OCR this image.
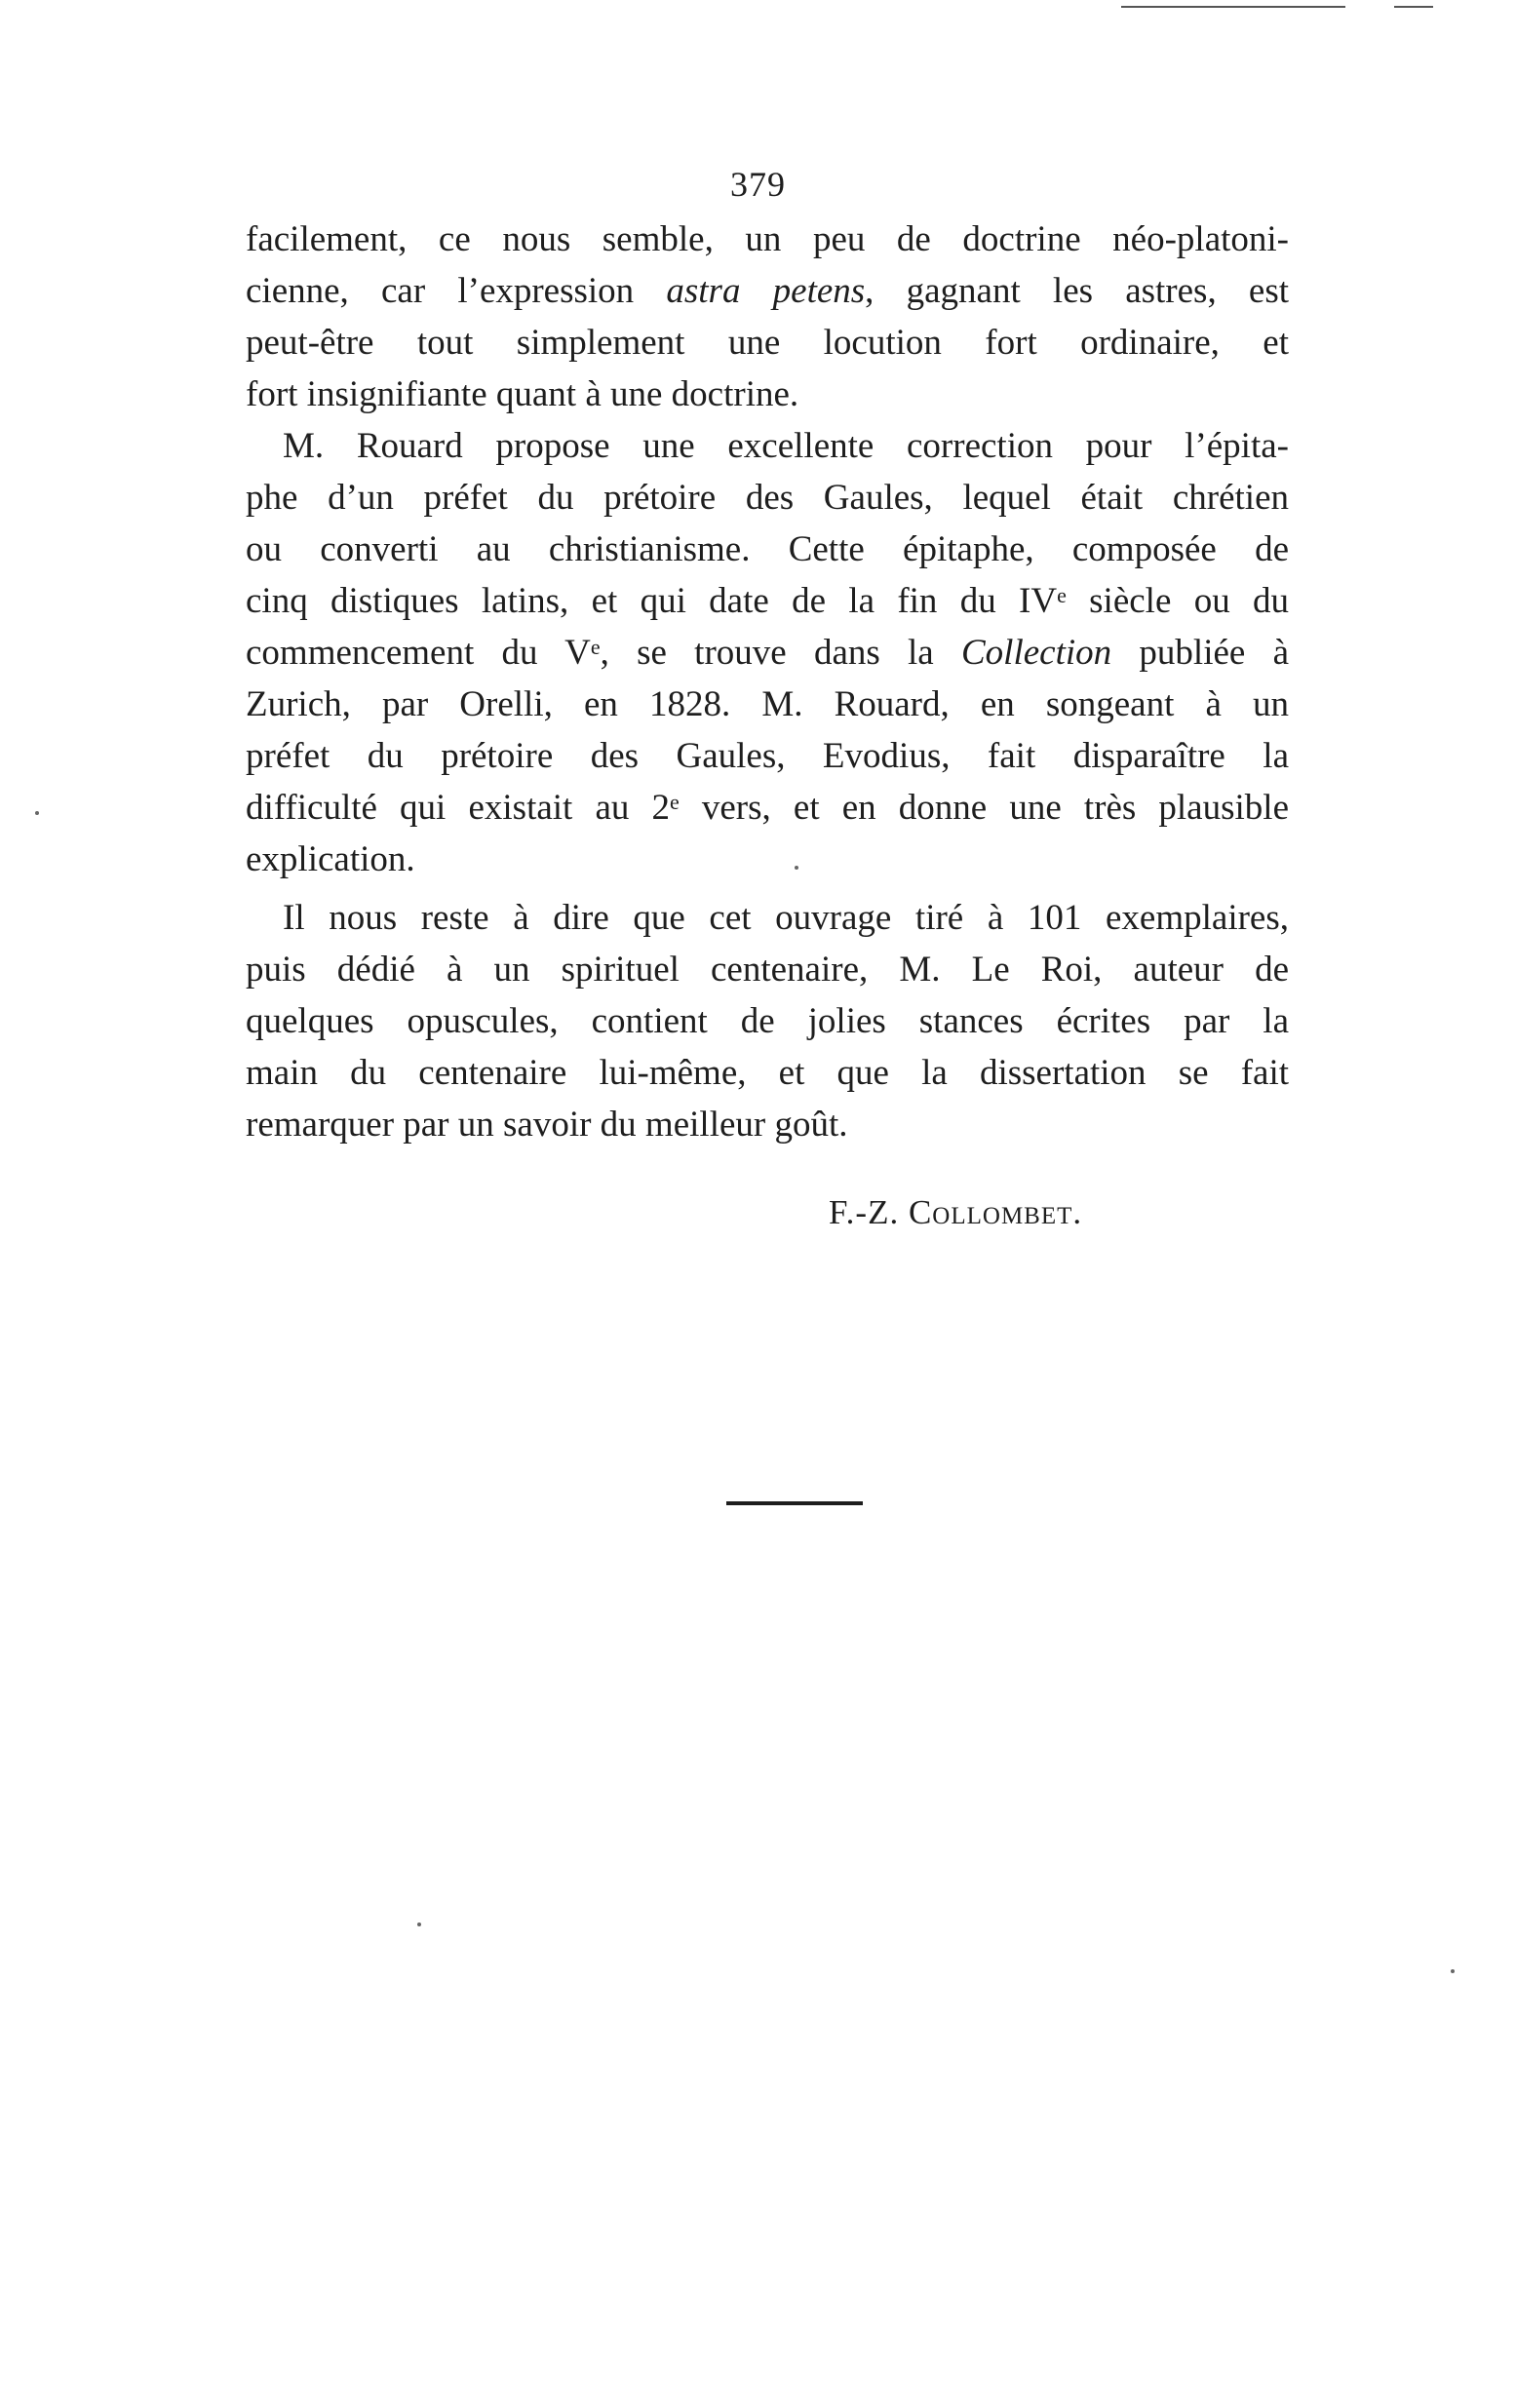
379
facilement, ce nous semble, un peu de doctrine néo-platoni-
cienne, car l’expression astra petens, gagnant les astres, est
peut-être tout simplement une locution fort ordinaire, et
fort insignifiante quant à une doctrine.
M. Rouard propose une excellente correction pour l’épita-
phe d’un préfet du prétoire des Gaules, lequel était chrétien
ou converti au christianisme. Cette épitaphe, composée de
cinq distiques latins, et qui date de la fin du IVe siècle ou du
commencement du Ve, se trouve dans la Collection publiée à
Zurich, par Orelli, en 1828. M. Rouard, en songeant à un
préfet du prétoire des Gaules, Evodius, fait disparaître la
difficulté qui existait au 2e vers, et en donne une très plausible
explication.
Il nous reste à dire que cet ouvrage tiré à 101 exemplaires,
puis dédié à un spirituel centenaire, M. Le Roi, auteur de
quelques opuscules, contient de jolies stances écrites par la
main du centenaire lui-même, et que la dissertation se fait
remarquer par un savoir du meilleur goût.
F.-Z. Collombet.
